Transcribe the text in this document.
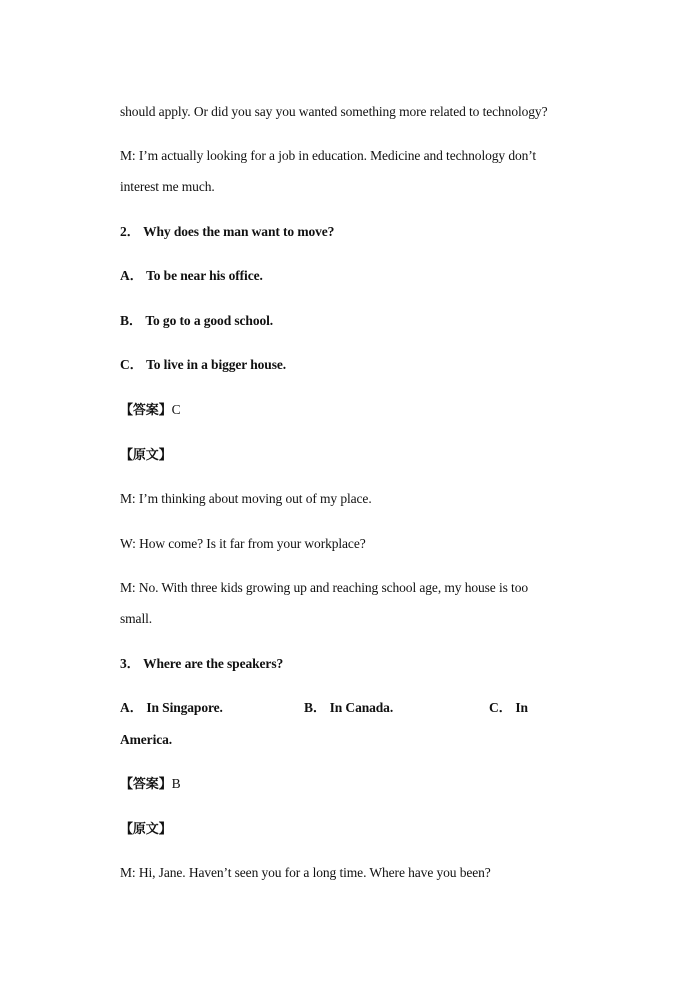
should apply. Or did you say you wanted something more related to technology?
M: I’m actually looking for a job in education. Medicine and technology don’t
interest me much.
2． Why does the man want to move?
A． To be near his office.
B． To go to a good school.
C． To live in a bigger house.
【答案】C
【原文】
M: I’m thinking about moving out of my place.
W: How come? Is it far from your workplace?
M: No. With three kids growing up and reaching school age, my house is too
small.
3． Where are the speakers?
A． In Singapore.	B． In Canada.	C． In
America.
【答案】B
【原文】
M: Hi, Jane. Haven’t seen you for a long time. Where have you been?
